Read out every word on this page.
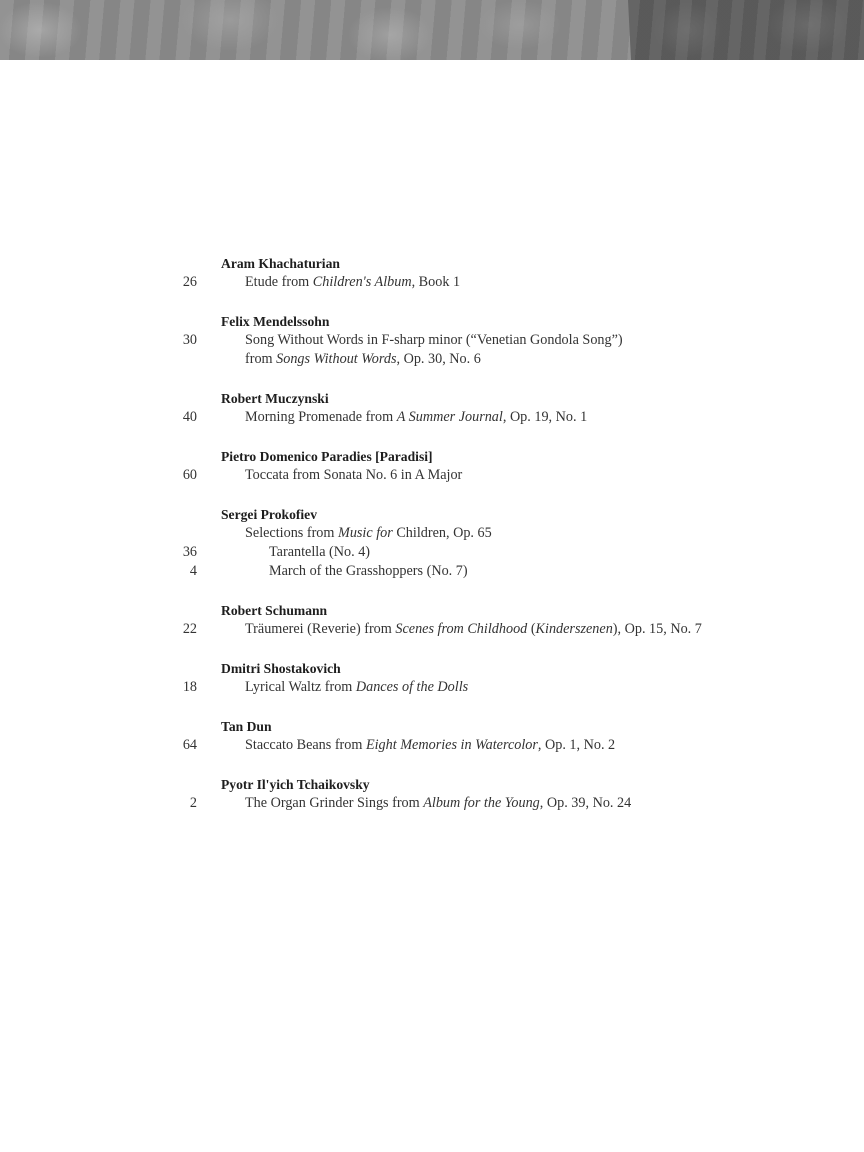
Aram Khachaturian
26	Etude from Children's Album, Book 1
Felix Mendelssohn
30	Song Without Words in F-sharp minor (“Venetian Gondola Song”)
from Songs Without Words, Op. 30, No. 6
Robert Muczynski
40	Morning Promenade from A Summer Journal, Op. 19, No. 1
Pietro Domenico Paradies [Paradisi]
60	Toccata from Sonata No. 6 in A Major
Sergei Prokofiev
Selections from Music for Children, Op. 65
36	Tarantella (No. 4)
4	March of the Grasshoppers (No. 7)
Robert Schumann
22	Träumerei (Reverie) from Scenes from Childhood (Kinderszenen), Op. 15, No. 7
Dmitri Shostakovich
18	Lyrical Waltz from Dances of the Dolls
Tan Dun
64	Staccato Beans from Eight Memories in Watercolor, Op. 1, No. 2
Pyotr Il'yich Tchaikovsky
2	The Organ Grinder Sings from Album for the Young, Op. 39, No. 24
